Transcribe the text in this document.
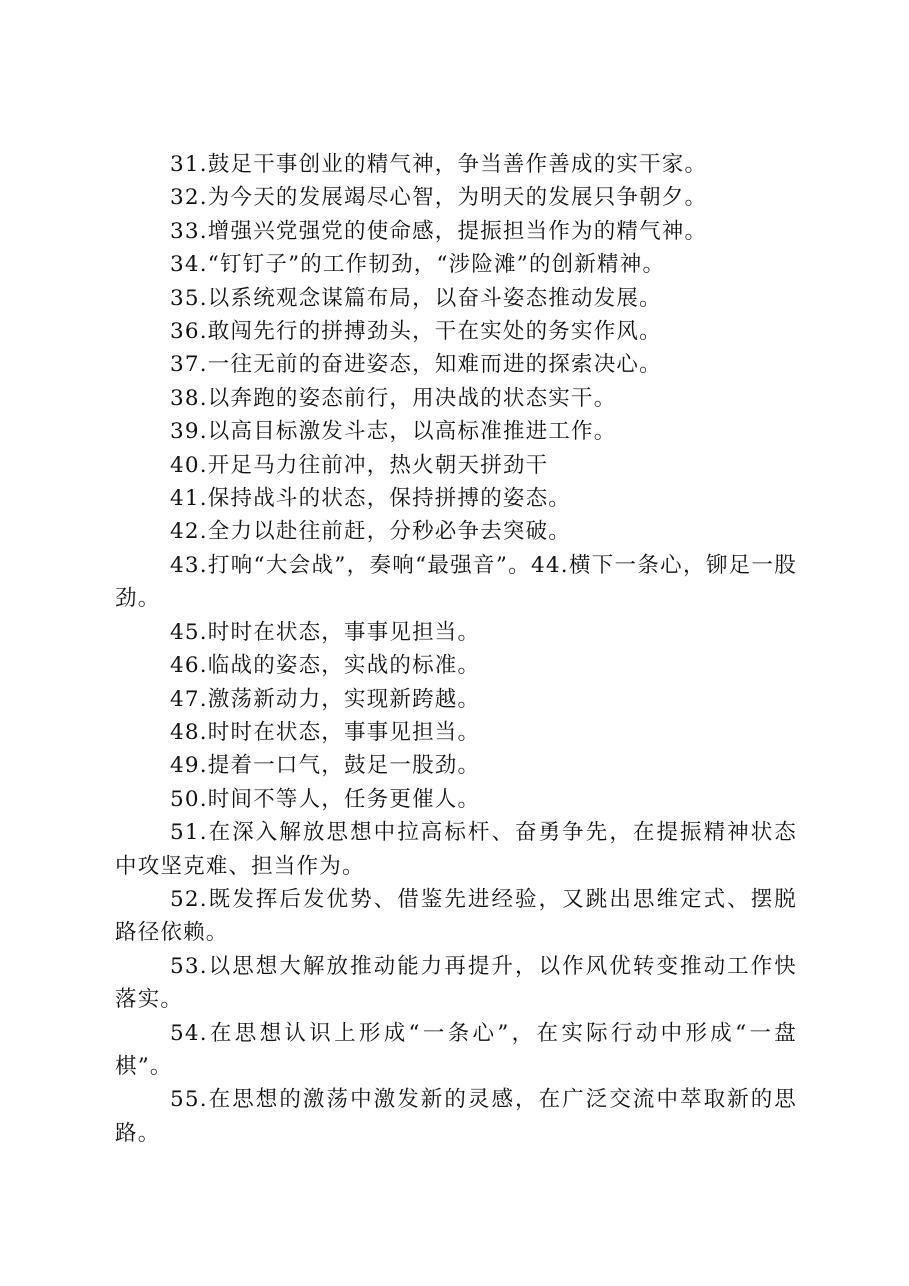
31.鼓足干事创业的精气神，争当善作善成的实干家。

32.为今天的发展竭尽心智，为明天的发展只争朝夕。

33.增强兴党强党的使命感，提振担当作为的精气神。

34.“钉钉子”的工作韧劲，“涉险滩”的创新精神。

35.以系统观念谋篇布局，以奋斗姿态推动发展。

36.敢闯先行的拼搏劲头，干在实处的务实作风。

37.一往无前的奋进姿态，知难而进的探索决心。

38.以奔跑的姿态前行，用决战的状态实干。

39.以高目标激发斗志，以高标准推进工作。

40.开足马力往前冲，热火朝天拼劲干

41.保持战斗的状态，保持拼搏的姿态。

42.全力以赴往前赶，分秒必争去突破。

43.打响“大会战”，奏响“最强音”。44.横下一条心，铆足一股劲。

45.时时在状态，事事见担当。

46.临战的姿态，实战的标准。

47.激荡新动力，实现新跨越。

48.时时在状态，事事见担当。

49.提着一口气，鼓足一股劲。

50.时间不等人，任务更催人。

51.在深入解放思想中拉高标杆、奋勇争先，在提振精神状态中攻坚克难、担当作为。

52.既发挥后发优势、借鉴先进经验，又跳出思维定式、摆脱路径依赖。

53.以思想大解放推动能力再提升，以作风优转变推动工作快落实。

54.在思想认识上形成“一条心”，在实际行动中形成“一盘棋”。

55.在思想的激荡中激发新的灵感，在广泛交流中萃取新的思路。
